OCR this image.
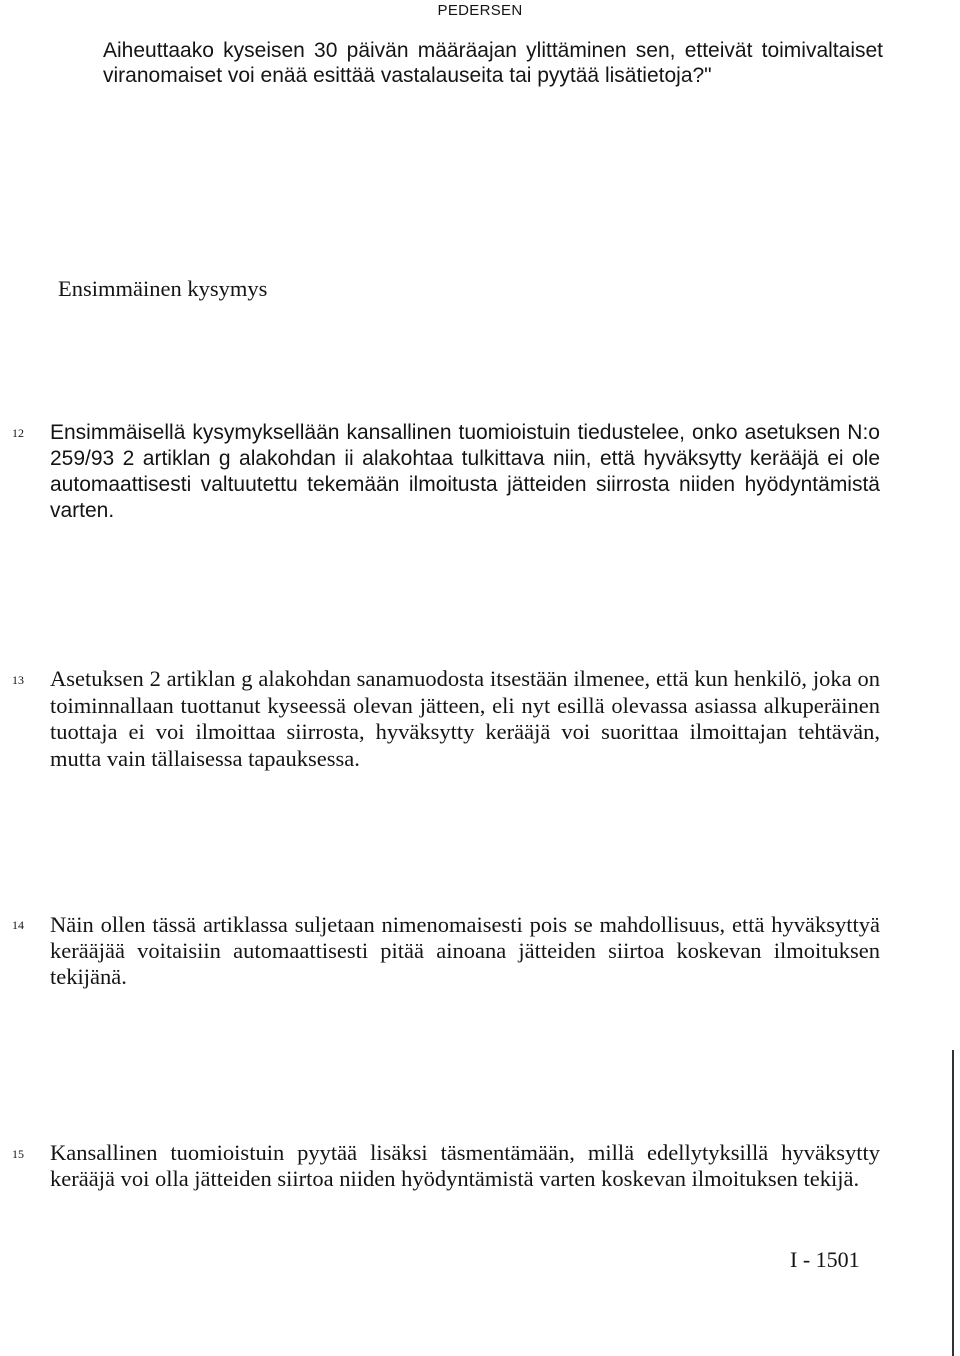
PEDERSEN
Aiheuttaako kyseisen 30 päivän määräajan ylittäminen sen, etteivät toimivaltaiset viranomaiset voi enää esittää vastalauseita tai pyytää lisätietoja?"
Ensimmäinen kysymys
12 Ensimmäisellä kysymyksellään kansallinen tuomioistuin tiedustelee, onko asetuksen N:o 259/93 2 artiklan g alakohdan ii alakohtaa tulkittava niin, että hyväksytty kerääjä ei ole automaattisesti valtuutettu tekemään ilmoitusta jätteiden siirrosta niiden hyödyntämistä varten.
13 Asetuksen 2 artiklan g alakohdan sanamuodosta itsestään ilmenee, että kun henkilö, joka on toiminnallaan tuottanut kyseessä olevan jätteen, eli nyt esillä olevassa asiassa alkuperäinen tuottaja ei voi ilmoittaa siirrosta, hyväksytty kerääjä voi suorittaa ilmoittajan tehtävän, mutta vain tällaisessa tapauksessa.
14 Näin ollen tässä artiklassa suljetaan nimenomaisesti pois se mahdollisuus, että hyväksyttyä kerääjää voitaisiin automaattisesti pitää ainoana jätteiden siirtoa koskevan ilmoituksen tekijänä.
15 Kansallinen tuomioistuin pyytää lisäksi täsmentämään, millä edellytyksillä hyväksytty kerääjä voi olla jätteiden siirtoa niiden hyödyntämistä varten koskevan ilmoituksen tekijä.
I - 1501
